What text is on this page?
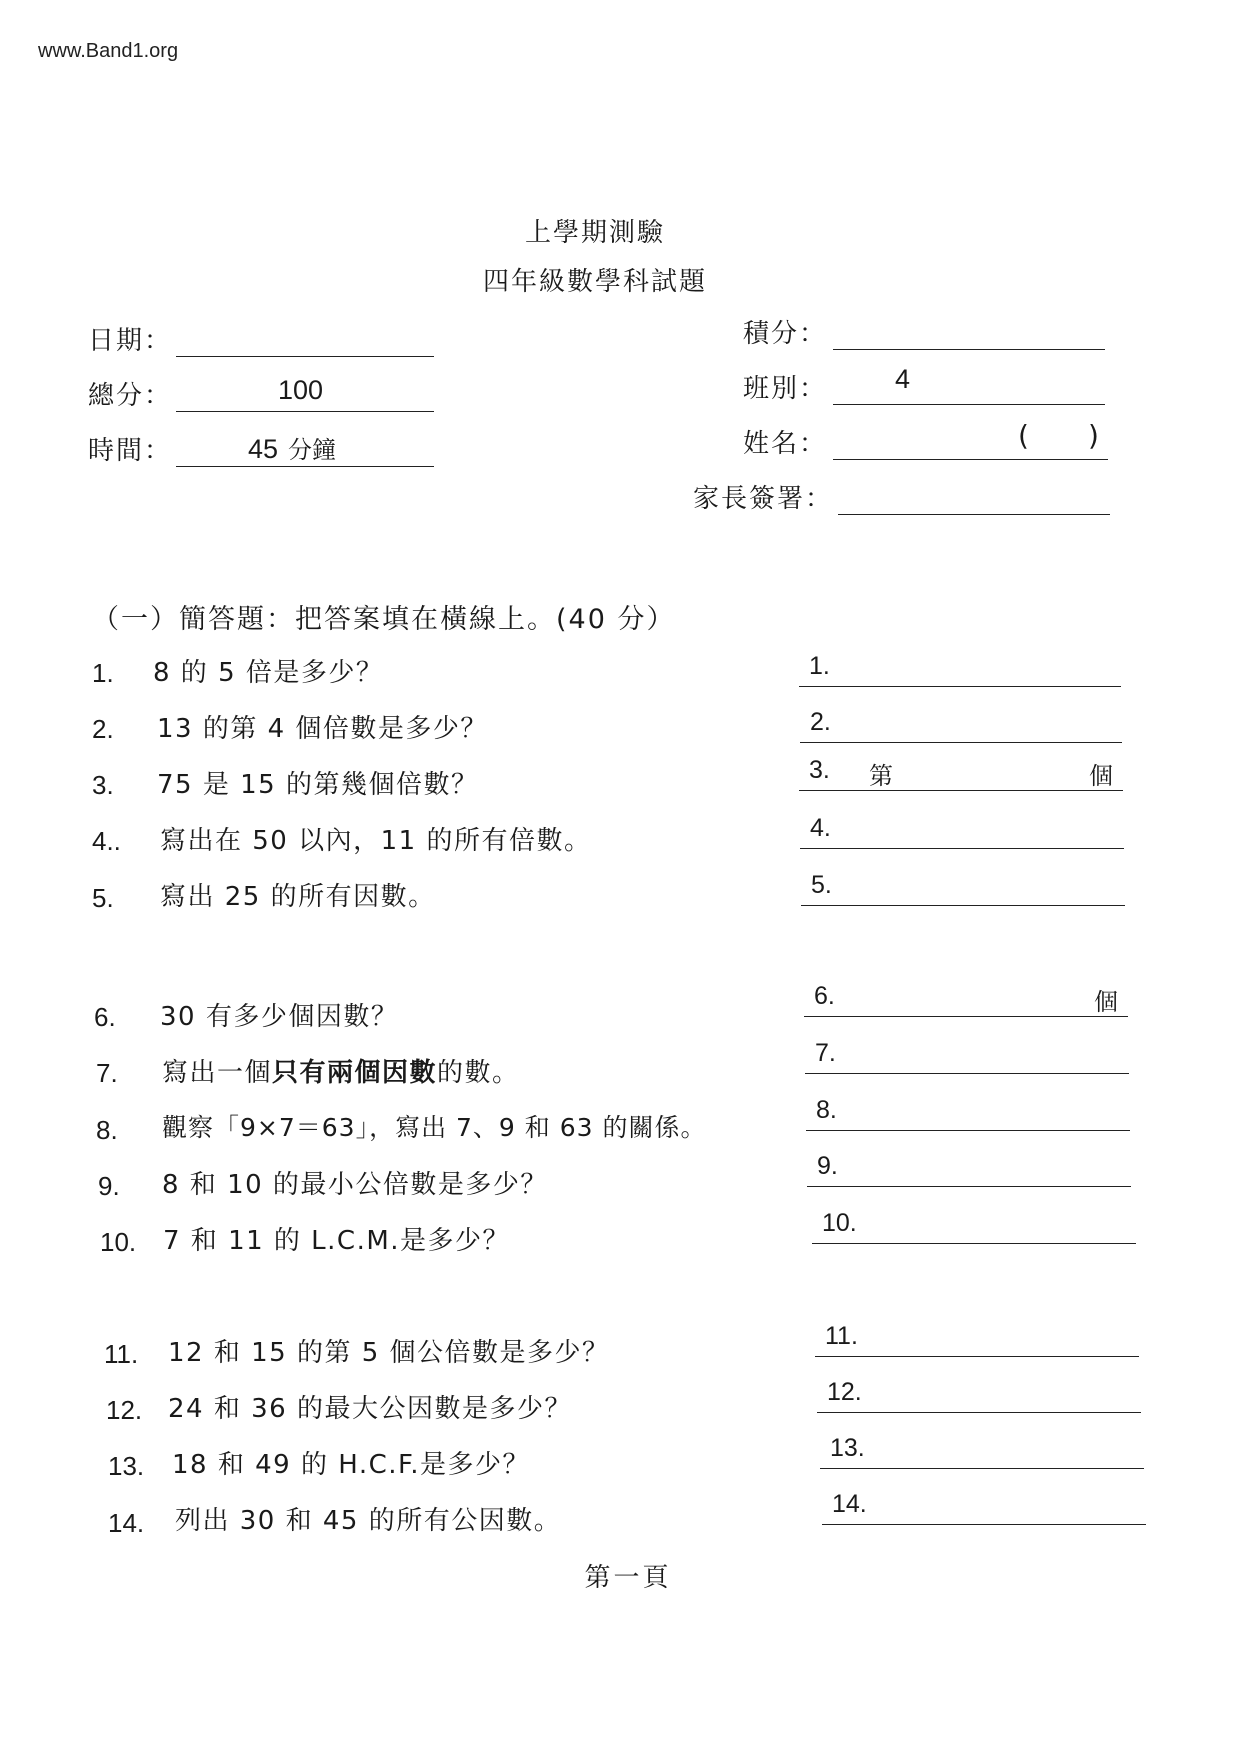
www.Band1.org
上學期測驗
四年級數學科試題
日期：
總分：	100
時間：	45 分鐘
積分：
班別：	4
姓名：	( )
家長簽署：
（一）簡答題：把答案填在橫線上。(40 分）
1. 8 的 5 倍是多少？	1.
2. 13 的第 4 個倍數是多少？	2.
3. 75 是 15 的第幾個倍數？	3. 第	個
4.. 寫出在 50 以內，11 的所有倍數。	4.
5. 寫出 25 的所有因數。	5.
6. 30 有多少個因數？
6.	個
7. 寫出一個只有兩個因數的數。
7.
8. 觀察「9×7＝63」，寫出 7、9 和 63 的關係。
8.
9. 8 和 10 的最小公倍數是多少？
9.
10. 7 和 11 的 L.C.M.是多少？
10.
11. 12 和 15 的第 5 個公倍數是多少？
11.
12. 24 和 36 的最大公因數是多少？
12.
13. 18 和 49 的 H.C.F.是多少？
13.
14. 列出 30 和 45 的所有公因數。
14.
第一頁
